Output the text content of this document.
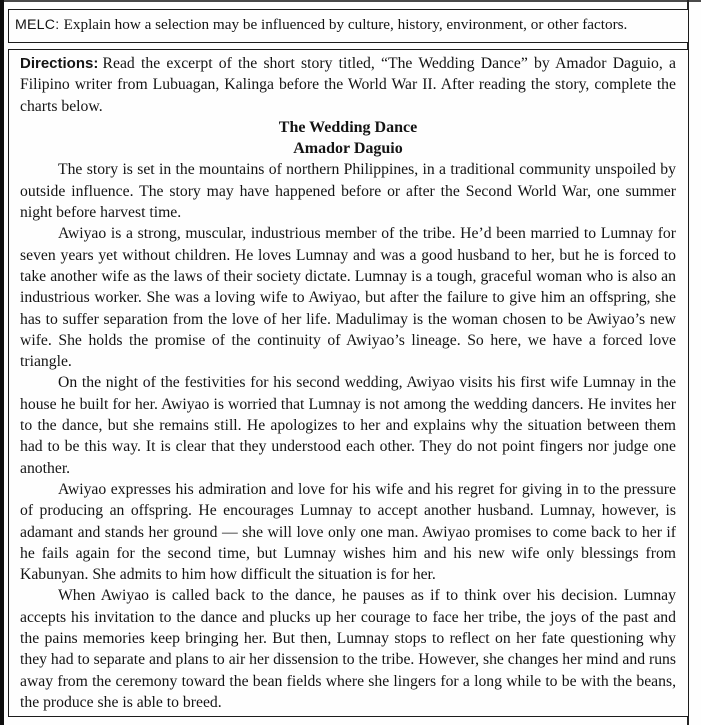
MELC: Explain how a selection may be influenced by culture, history, environment, or other factors.

Directions: Read the excerpt of the short story titled, “The Wedding Dance” by Amador Daguio, a Filipino writer from Lubuagan, Kalinga before the World War II. After reading the story, complete the charts below.

The Wedding Dance

Amador Daguio

The story is set in the mountains of northern Philippines, in a traditional community unspoiled by outside influence. The story may have happened before or after the Second World War, one summer night before harvest time.

Awiyao is a strong, muscular, industrious member of the tribe. He’d been married to Lumnay for seven years yet without children. He loves Lumnay and was a good husband to her, but he is forced to take another wife as the laws of their society dictate. Lumnay is a tough, graceful woman who is also an industrious worker. She was a loving wife to Awiyao, but after the failure to give him an offspring, she has to suffer separation from the love of her life. Madulimay is the woman chosen to be Awiyao’s new wife. She holds the promise of the continuity of Awiyao’s lineage. So here, we have a forced love triangle.

On the night of the festivities for his second wedding, Awiyao visits his first wife Lumnay in the house he built for her. Awiyao is worried that Lumnay is not among the wedding dancers. He invites her to the dance, but she remains still. He apologizes to her and explains why the situation between them had to be this way. It is clear that they understood each other. They do not point fingers nor judge one another.

Awiyao expresses his admiration and love for his wife and his regret for giving in to the pressure of producing an offspring. He encourages Lumnay to accept another husband. Lumnay, however, is adamant and stands her ground — she will love only one man. Awiyao promises to come back to her if he fails again for the second time, but Lumnay wishes him and his new wife only blessings from Kabunyan. She admits to him how difficult the situation is for her.

When Awiyao is called back to the dance, he pauses as if to think over his decision. Lumnay accepts his invitation to the dance and plucks up her courage to face her tribe, the joys of the past and the pains memories keep bringing her. But then, Lumnay stops to reflect on her fate questioning why they had to separate and plans to air her dissension to the tribe. However, she changes her mind and runs away from the ceremony toward the bean fields where she lingers for a long while to be with the beans, the produce she is able to breed.
